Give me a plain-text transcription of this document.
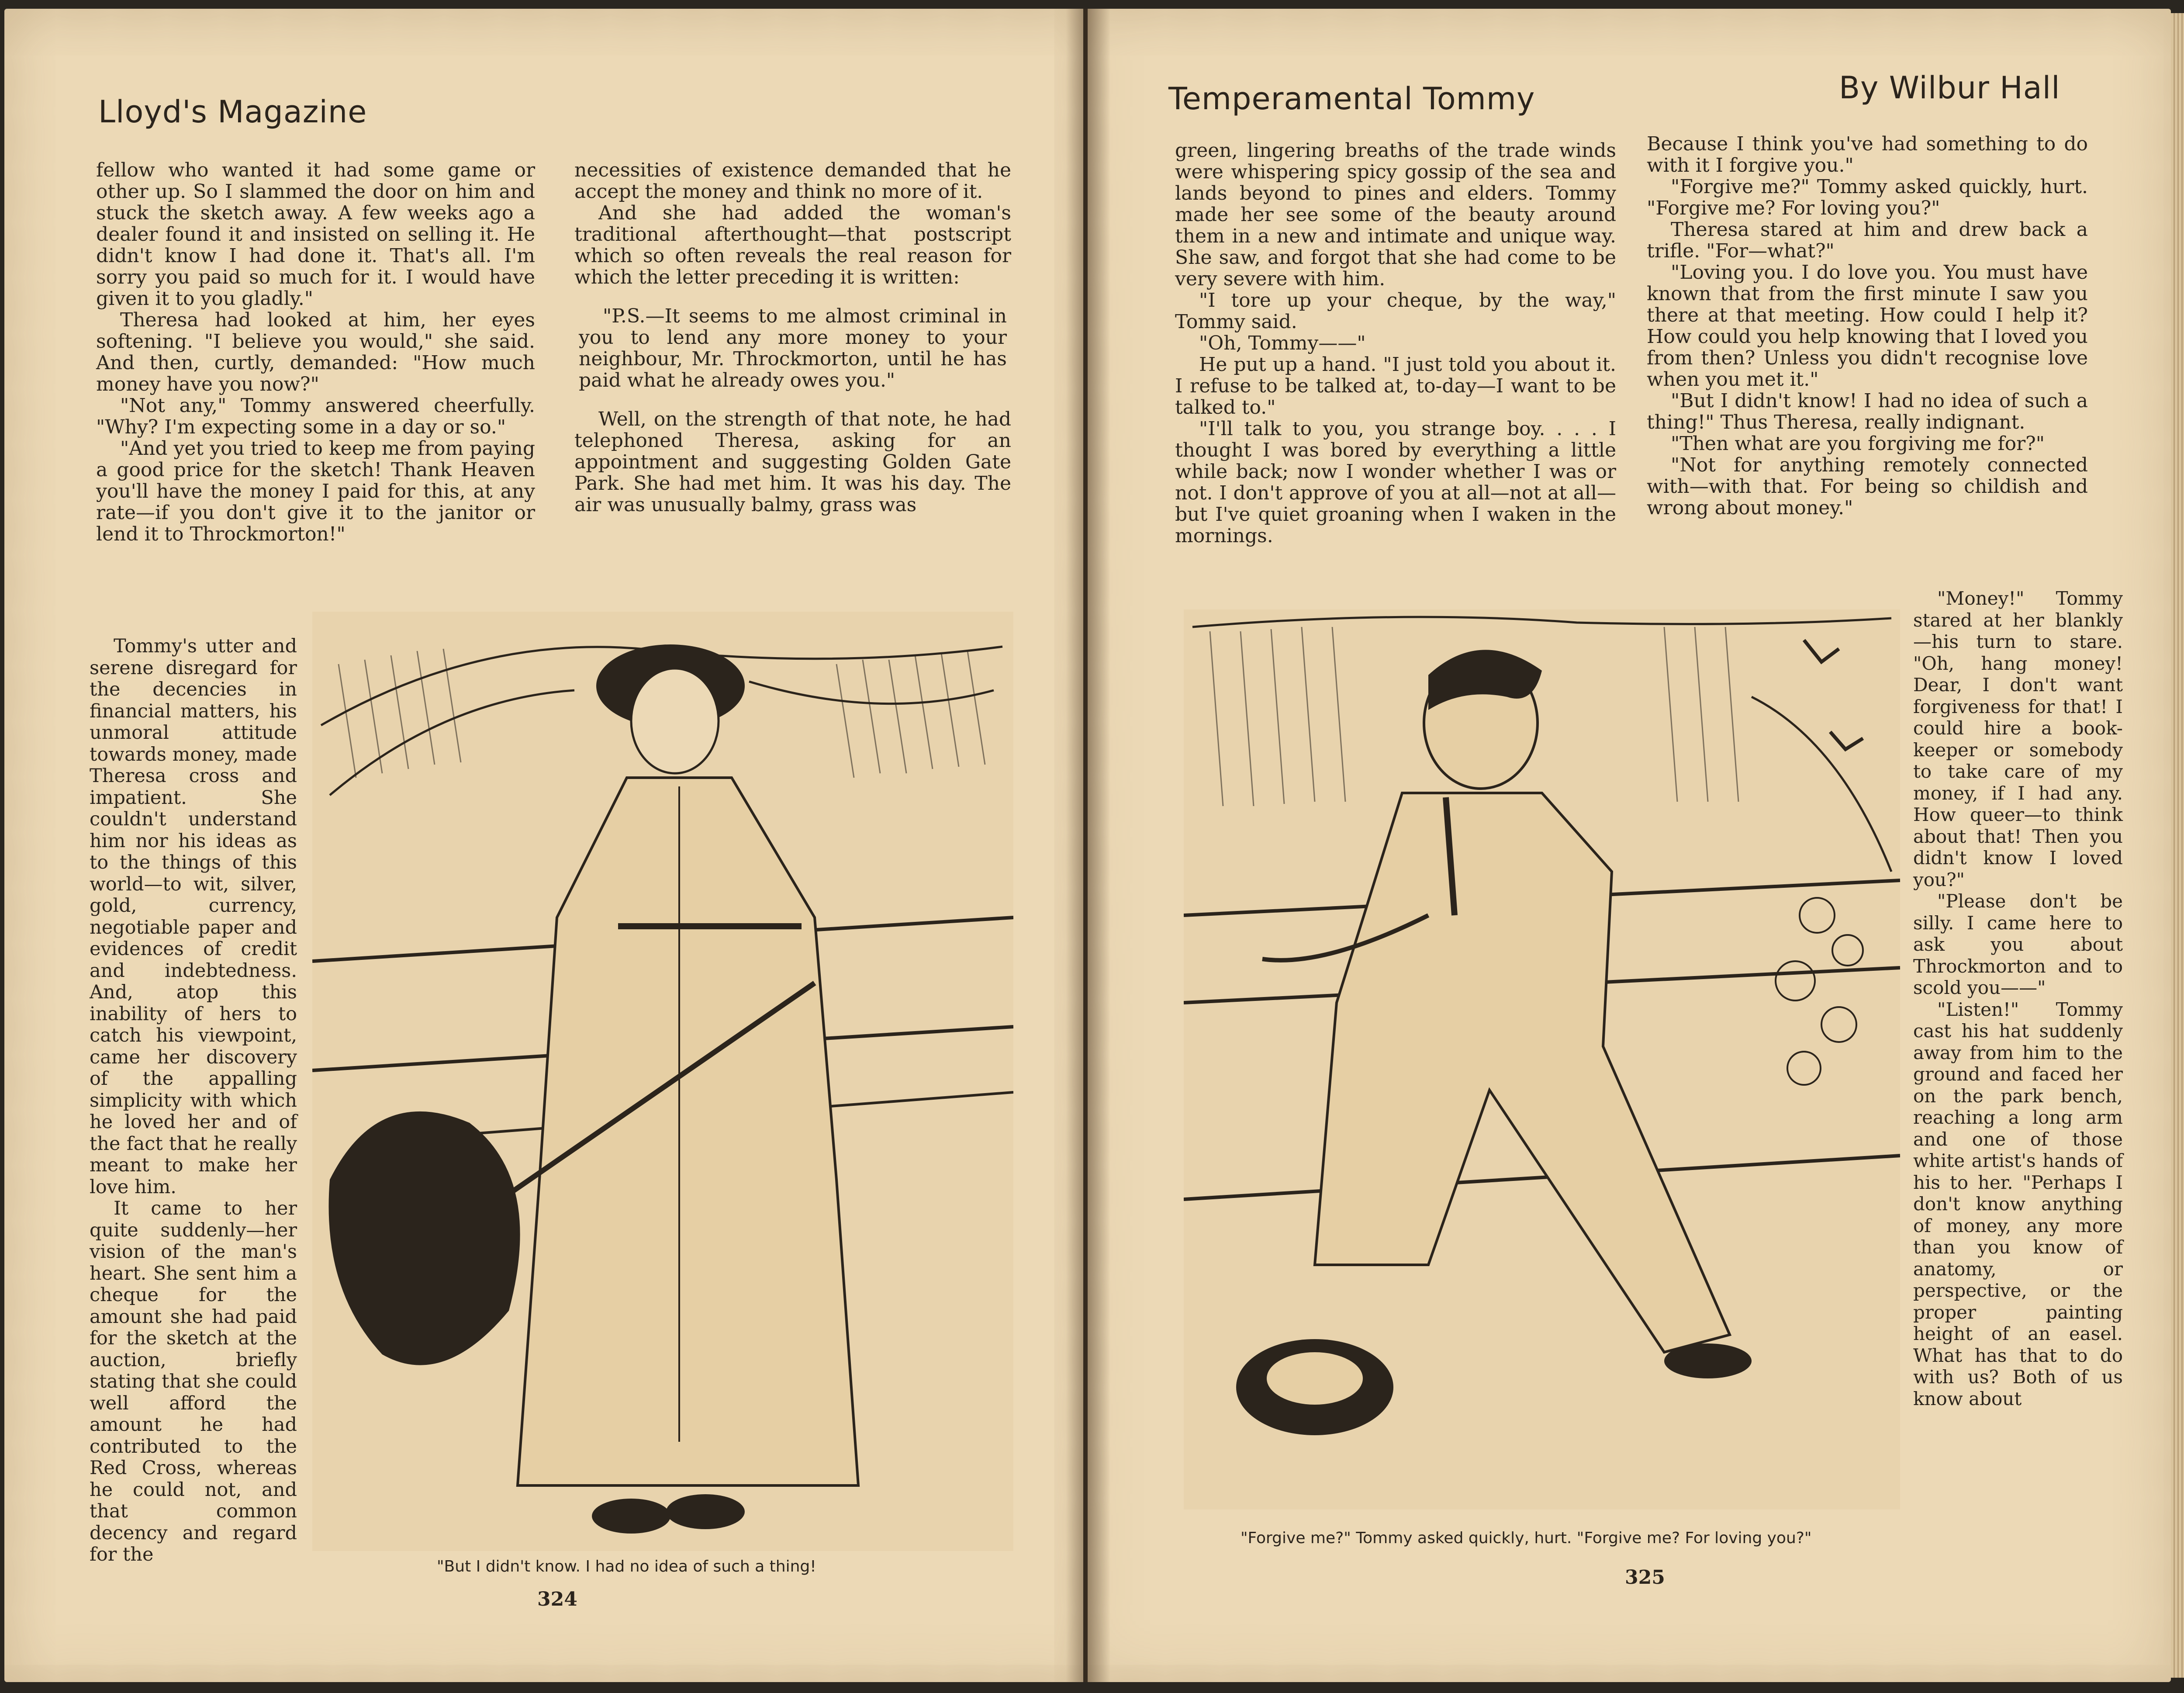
Lloyd's Magazine

fellow who wanted it had some game or other up. So I slammed the door on him and stuck the sketch away. A few weeks ago a dealer found it and insisted on selling it. He didn't know I had done it. That's all. I'm sorry you paid so much for it. I would have given it to you gladly."

Theresa had looked at him, her eyes softening. "I believe you would," she said. And then, curtly, demanded: "How much money have you now?"

"Not any," Tommy answered cheerfully. "Why? I'm expecting some in a day or so."

"And yet you tried to keep me from paying a good price for the sketch! Thank Heaven you'll have the money I paid for this, at any rate—if you don't give it to the janitor or lend it to Throckmorton!"

Tommy's utter and serene disregard for the decencies in financial matters, his unmoral attitude towards money, made Theresa cross and impatient. She couldn't understand him nor his ideas as to the things of this world—to wit, silver, gold, currency, negotiable paper and evidences of credit and indebtedness. And, atop this inability of hers to catch his viewpoint, came her discovery of the appalling simplicity with which he loved her and of the fact that he really meant to make her love him.

It came to her quite suddenly—her vision of the man's heart. She sent him a cheque for the amount she had paid for the sketch at the auction, briefly stating that she could well afford the amount he had contributed to the Red Cross, whereas he could not, and that common decency and regard for the

necessities of existence demanded that he accept the money and think no more of it.

And she had added the woman's traditional afterthought—that postscript which so often reveals the real reason for which the letter preceding it is written:

"P.S.—It seems to me almost criminal in you to lend any more money to your neighbour, Mr. Throckmorton, until he has paid what he already owes you."

Well, on the strength of that note, he had telephoned Theresa, asking for an appointment and suggesting Golden Gate Park. She had met him. It was his day. The air was unusually balmy, grass was

"But I didn't know. I had no idea of such a thing!
324
Temperamental Tommy	By Wilbur Hall

green, lingering breaths of the trade winds were whispering spicy gossip of the sea and lands beyond to pines and elders. Tommy made her see some of the beauty around them in a new and intimate and unique way. She saw, and forgot that she had come to be very severe with him.

"I tore up your cheque, by the way," Tommy said.

"Oh, Tommy——"

He put up a hand. "I just told you about it. I refuse to be talked at, to-day—I want to be talked to."

"I'll talk to you, you strange boy. . . . I thought I was bored by everything a little while back; now I wonder whether I was or not. I don't approve of you at all—not at all—but I've quiet groaning when I waken in the mornings.

Because I think you've had something to do with it I forgive you."

"Forgive me?" Tommy asked quickly, hurt. "Forgive me? For loving you?"

Theresa stared at him and drew back a trifle. "For—what?"

"Loving you. I do love you. You must have known that from the first minute I saw you there at that meeting. How could I help it? How could you help knowing that I loved you from then? Unless you didn't recognise love when you met it."

"But I didn't know! I had no idea of such a thing!" Thus Theresa, really indignant.

"Then what are you forgiving me for?"

"Not for anything remotely connected with—with that. For being so childish and wrong about money."

"Money!" Tommy stared at her blankly—his turn to stare. "Oh, hang money! Dear, I don't want forgiveness for that! I could hire a book-keeper or somebody to take care of my money, if I had any. How queer—to think about that! Then you didn't know I loved you?"

"Please don't be silly. I came here to ask you about Throckmorton and to scold you——"

"Listen!" Tommy cast his hat suddenly away from him to the ground and faced her on the park bench, reaching a long arm and one of those white artist's hands of his to her. "Perhaps I don't know anything of money, any more than you know of anatomy, or perspective, or the proper painting height of an easel. What has that to do with us? Both of us know about

"Forgive me?" Tommy asked quickly, hurt. "Forgive me? For loving you?"
325
